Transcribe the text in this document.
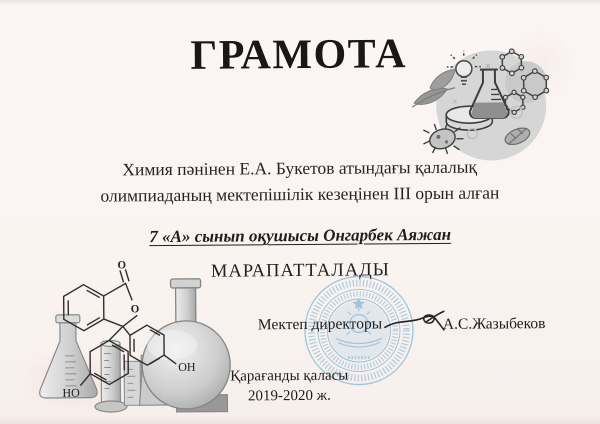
ГРАМОТА	×
×
Химия пәнінен Е.А. Букетов атындағы қалалық
олимпиаданың мектепішілік кезеңінен III орын алған
7 «А» сынып оқушысы Онгарбек Аяжан
МАРАПАТТАЛАДЫ
O
O
OH
HO
Мектеп директоры	А.С.Жазыбеков
Қарағанды қаласы
2019-2020 ж.
